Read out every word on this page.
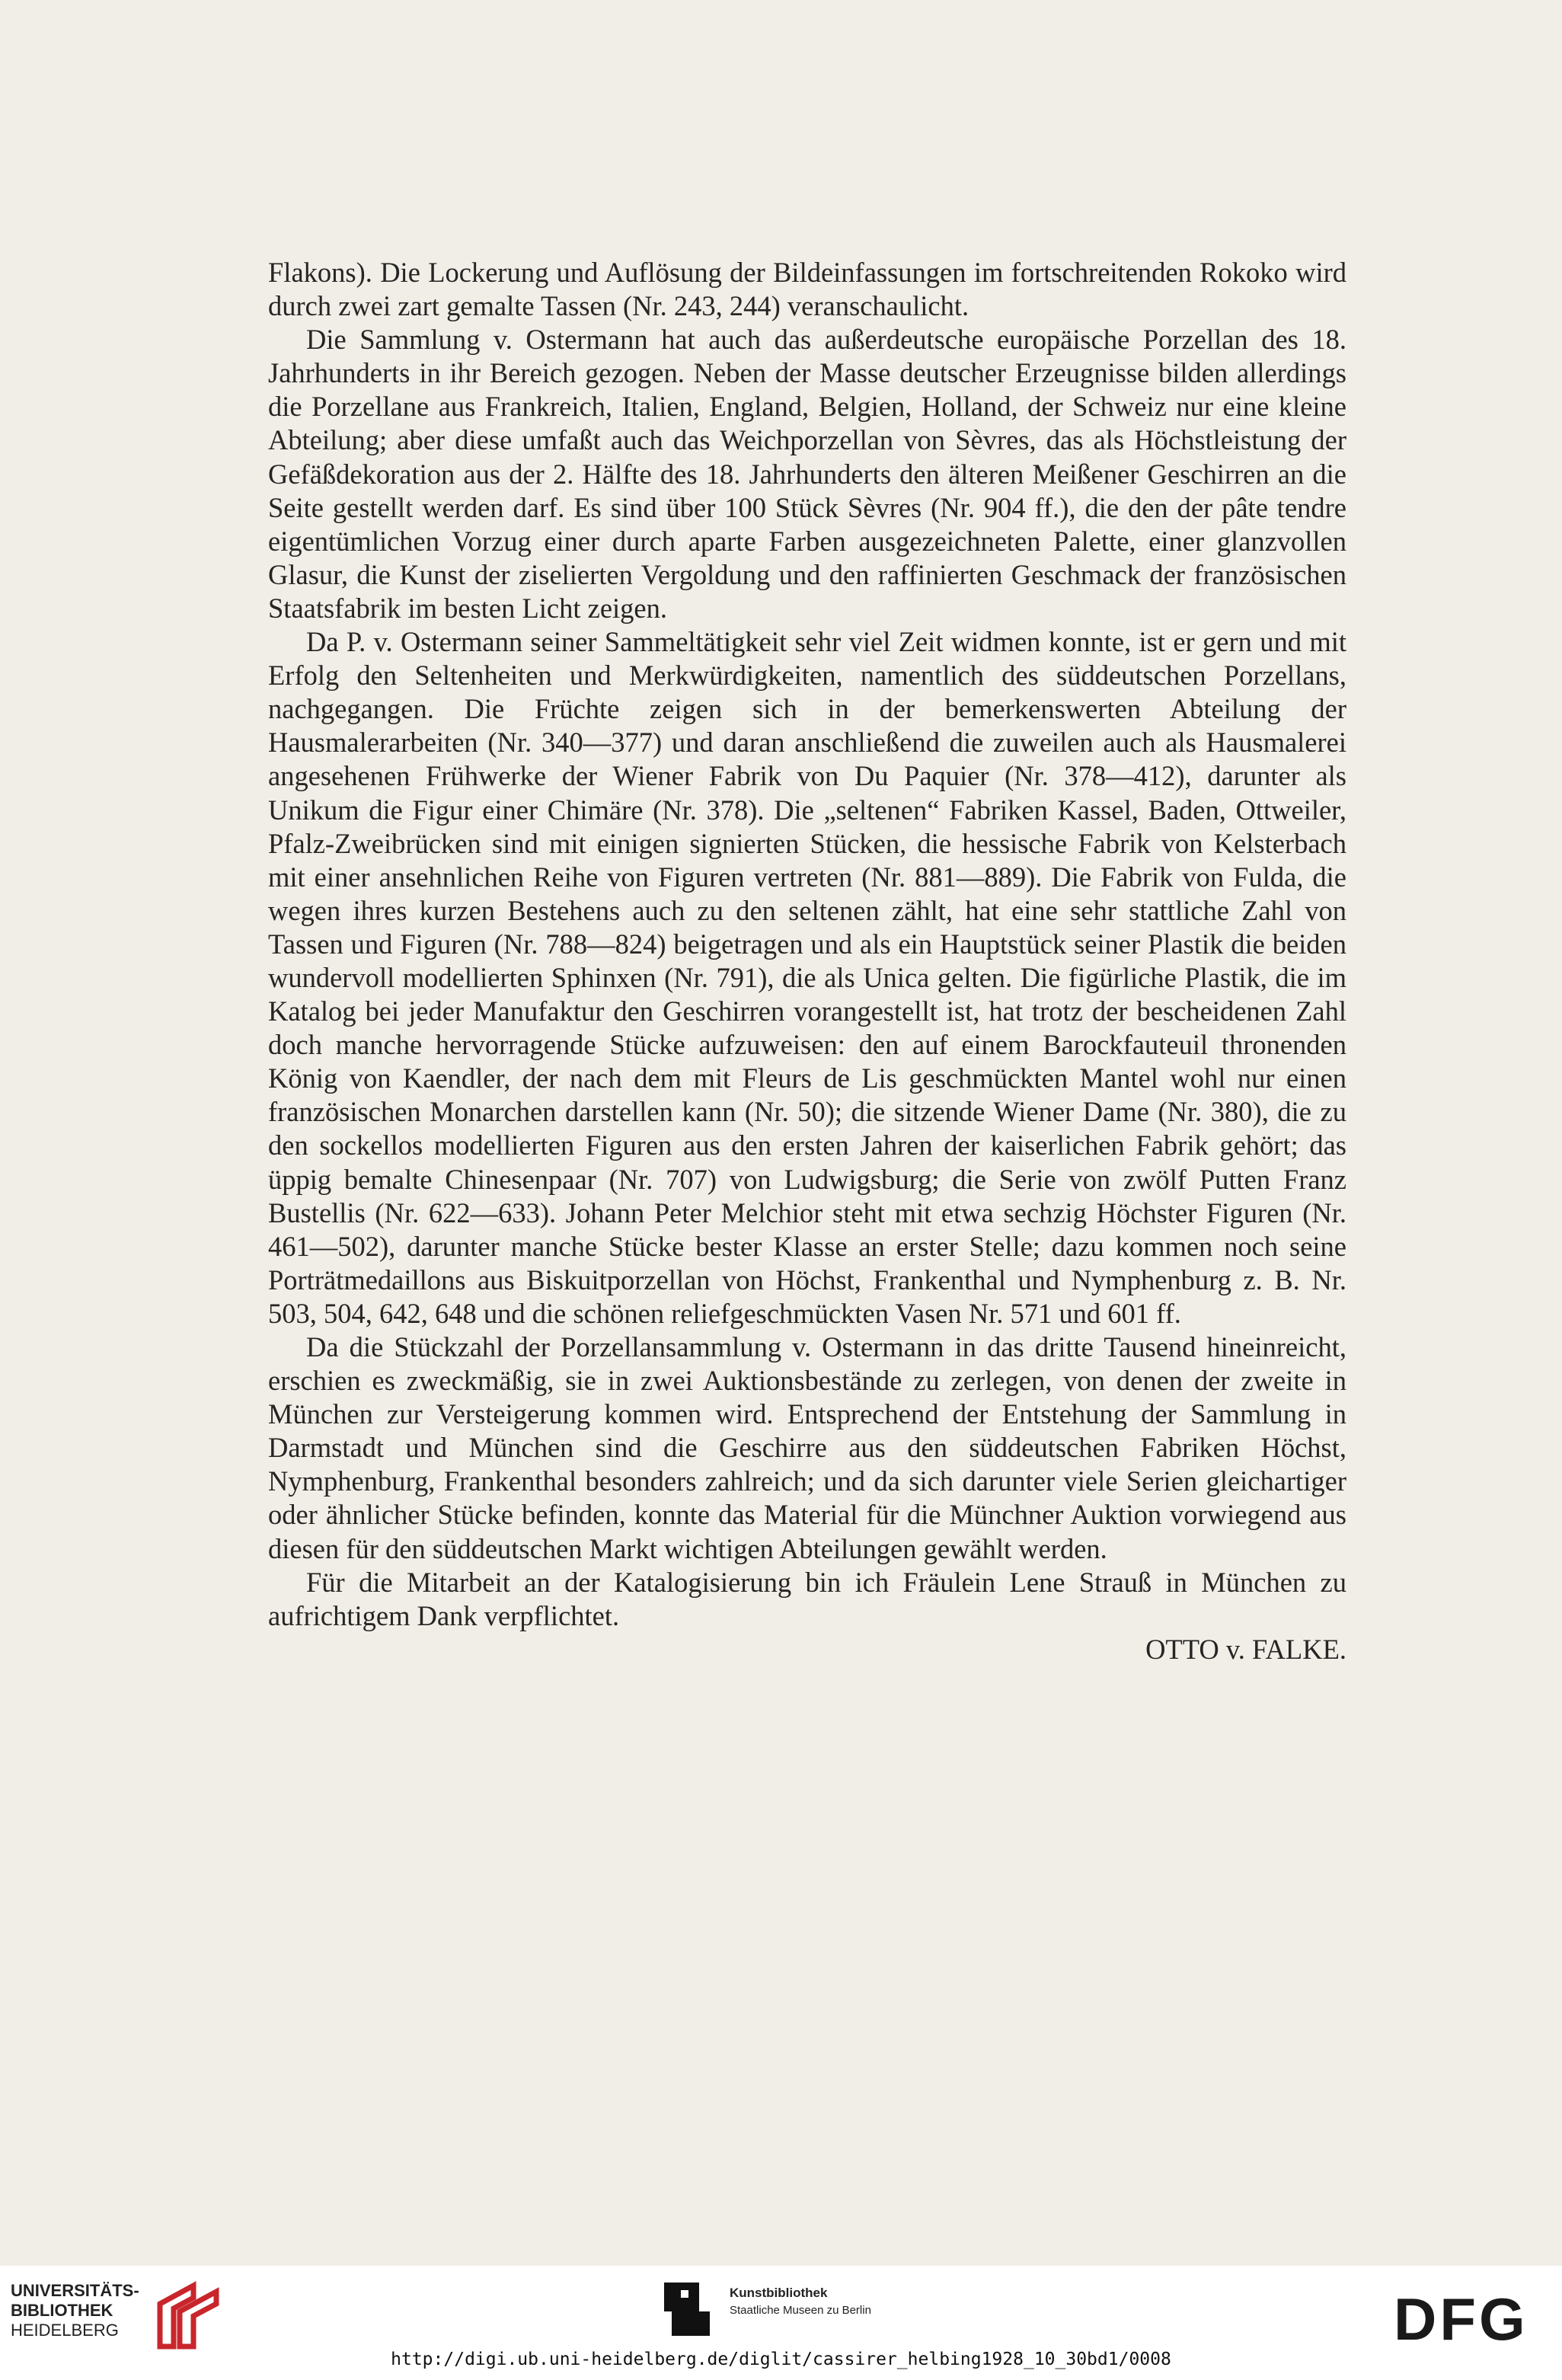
Flakons). Die Lockerung und Auflösung der Bildeinfassungen im fortschreitenden Rokoko wird durch zwei zart gemalte Tassen (Nr. 243, 244) veranschaulicht.

Die Sammlung v. Ostermann hat auch das außerdeutsche europäische Porzellan des 18. Jahrhunderts in ihr Bereich gezogen. Neben der Masse deutscher Erzeugnisse bilden allerdings die Porzellane aus Frankreich, Italien, England, Belgien, Holland, der Schweiz nur eine kleine Abteilung; aber diese umfaßt auch das Weichporzellan von Sèvres, das als Höchstleistung der Gefäßdekoration aus der 2. Hälfte des 18. Jahrhunderts den älteren Meißener Geschirren an die Seite gestellt werden darf. Es sind über 100 Stück Sèvres (Nr. 904 ff.), die den der pâte tendre eigentümlichen Vorzug einer durch aparte Farben ausgezeichneten Palette, einer glanzvollen Glasur, die Kunst der ziselierten Vergoldung und den raffinierten Geschmack der französischen Staatsfabrik im besten Licht zeigen.

Da P. v. Ostermann seiner Sammeltätigkeit sehr viel Zeit widmen konnte, ist er gern und mit Erfolg den Seltenheiten und Merkwürdigkeiten, namentlich des süddeutschen Porzellans, nachgegangen. Die Früchte zeigen sich in der bemerkenswerten Abteilung der Hausmalerarbeiten (Nr. 340—377) und daran anschließend die zuweilen auch als Hausmalerei angesehenen Frühwerke der Wiener Fabrik von Du Paquier (Nr. 378—412), darunter als Unikum die Figur einer Chimäre (Nr. 378). Die „seltenen“ Fabriken Kassel, Baden, Ottweiler, Pfalz-Zweibrücken sind mit einigen signierten Stücken, die hessische Fabrik von Kelsterbach mit einer ansehnlichen Reihe von Figuren vertreten (Nr. 881—889). Die Fabrik von Fulda, die wegen ihres kurzen Bestehens auch zu den seltenen zählt, hat eine sehr stattliche Zahl von Tassen und Figuren (Nr. 788—824) beigetragen und als ein Hauptstück seiner Plastik die beiden wundervoll modellierten Sphinxen (Nr. 791), die als Unica gelten. Die figürliche Plastik, die im Katalog bei jeder Manufaktur den Geschirren vorangestellt ist, hat trotz der bescheidenen Zahl doch manche hervorragende Stücke aufzuweisen: den auf einem Barockfauteuil thronenden König von Kaendler, der nach dem mit Fleurs de Lis geschmückten Mantel wohl nur einen französischen Monarchen darstellen kann (Nr. 50); die sitzende Wiener Dame (Nr. 380), die zu den sockellos modellierten Figuren aus den ersten Jahren der kaiserlichen Fabrik gehört; das üppig bemalte Chinesenpaar (Nr. 707) von Ludwigsburg; die Serie von zwölf Putten Franz Bustellis (Nr. 622—633). Johann Peter Melchior steht mit etwa sechzig Höchster Figuren (Nr. 461—502), darunter manche Stücke bester Klasse an erster Stelle; dazu kommen noch seine Porträtmedaillons aus Biskuitporzellan von Höchst, Frankenthal und Nymphenburg z. B. Nr. 503, 504, 642, 648 und die schönen reliefgeschmückten Vasen Nr. 571 und 601 ff.

Da die Stückzahl der Porzellansammlung v. Ostermann in das dritte Tausend hineinreicht, erschien es zweckmäßig, sie in zwei Auktionsbestände zu zerlegen, von denen der zweite in München zur Versteigerung kommen wird. Entsprechend der Entstehung der Sammlung in Darmstadt und München sind die Geschirre aus den süddeutschen Fabriken Höchst, Nymphenburg, Frankenthal besonders zahlreich; und da sich darunter viele Serien gleichartiger oder ähnlicher Stücke befinden, konnte das Material für die Münchner Auktion vorwiegend aus diesen für den süddeutschen Markt wichtigen Abteilungen gewählt werden.

Für die Mitarbeit an der Katalogisierung bin ich Fräulein Lene Strauß in München zu aufrichtigem Dank verpflichtet.

OTTO v. FALKE.
UNIVERSITÄTS-
BIBLIOTHEK
HEIDELBERG
Kunstbibliothek
Staatliche Museen zu Berlin	DFG
http://digi.ub.uni-heidelberg.de/diglit/cassirer_helbing1928_10_30bd1/0008
